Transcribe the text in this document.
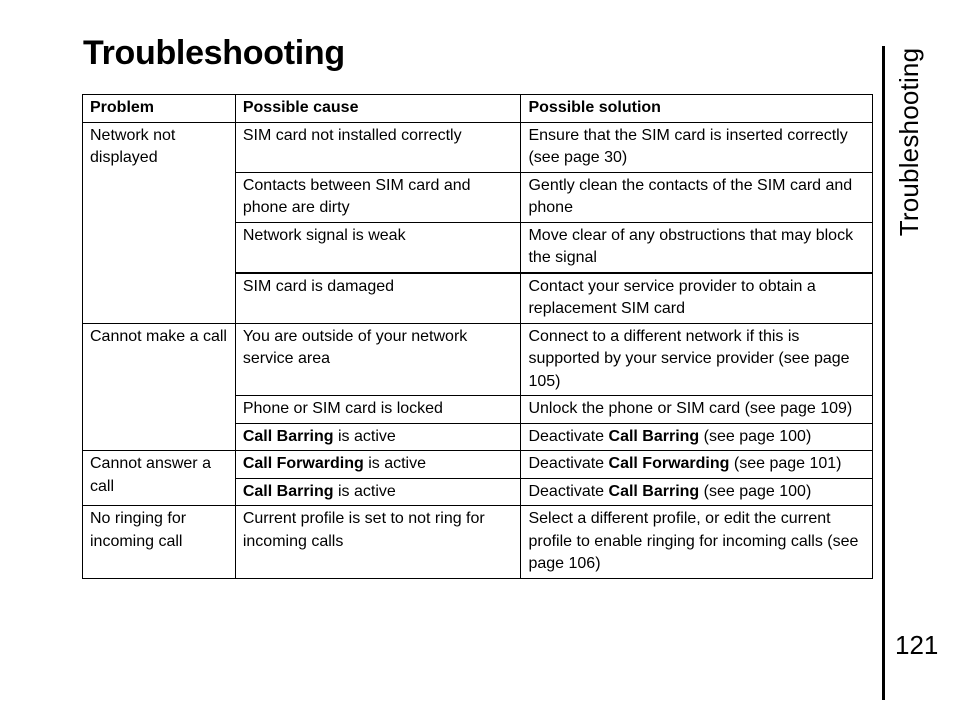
Troubleshooting
Problem	Possible cause	Possible solution
Network not displayed	SIM card not installed correctly	Ensure that the SIM card is inserted correctly (see page 30)
	Contacts between SIM card and phone are dirty	Gently clean the contacts of the SIM card and phone
	Network signal is weak	Move clear of any obstructions that may block the signal
	SIM card is damaged	Contact your service provider to obtain a replacement SIM card
Cannot make a call	You are outside of your network service area	Connect to a different network if this is supported by your service provider (see page 105)
	Phone or SIM card is locked	Unlock the phone or SIM card (see page 109)
	Call Barring is active	Deactivate Call Barring (see page 100)
Cannot answer a call	Call Forwarding is active	Deactivate Call Forwarding (see page 101)
	Call Barring is active	Deactivate Call Barring (see page 100)
No ringing for incoming call	Current profile is set to not ring for incoming calls	Select a different profile, or edit the current profile to enable ringing for incoming calls (see page 106)
Troubleshooting
121
